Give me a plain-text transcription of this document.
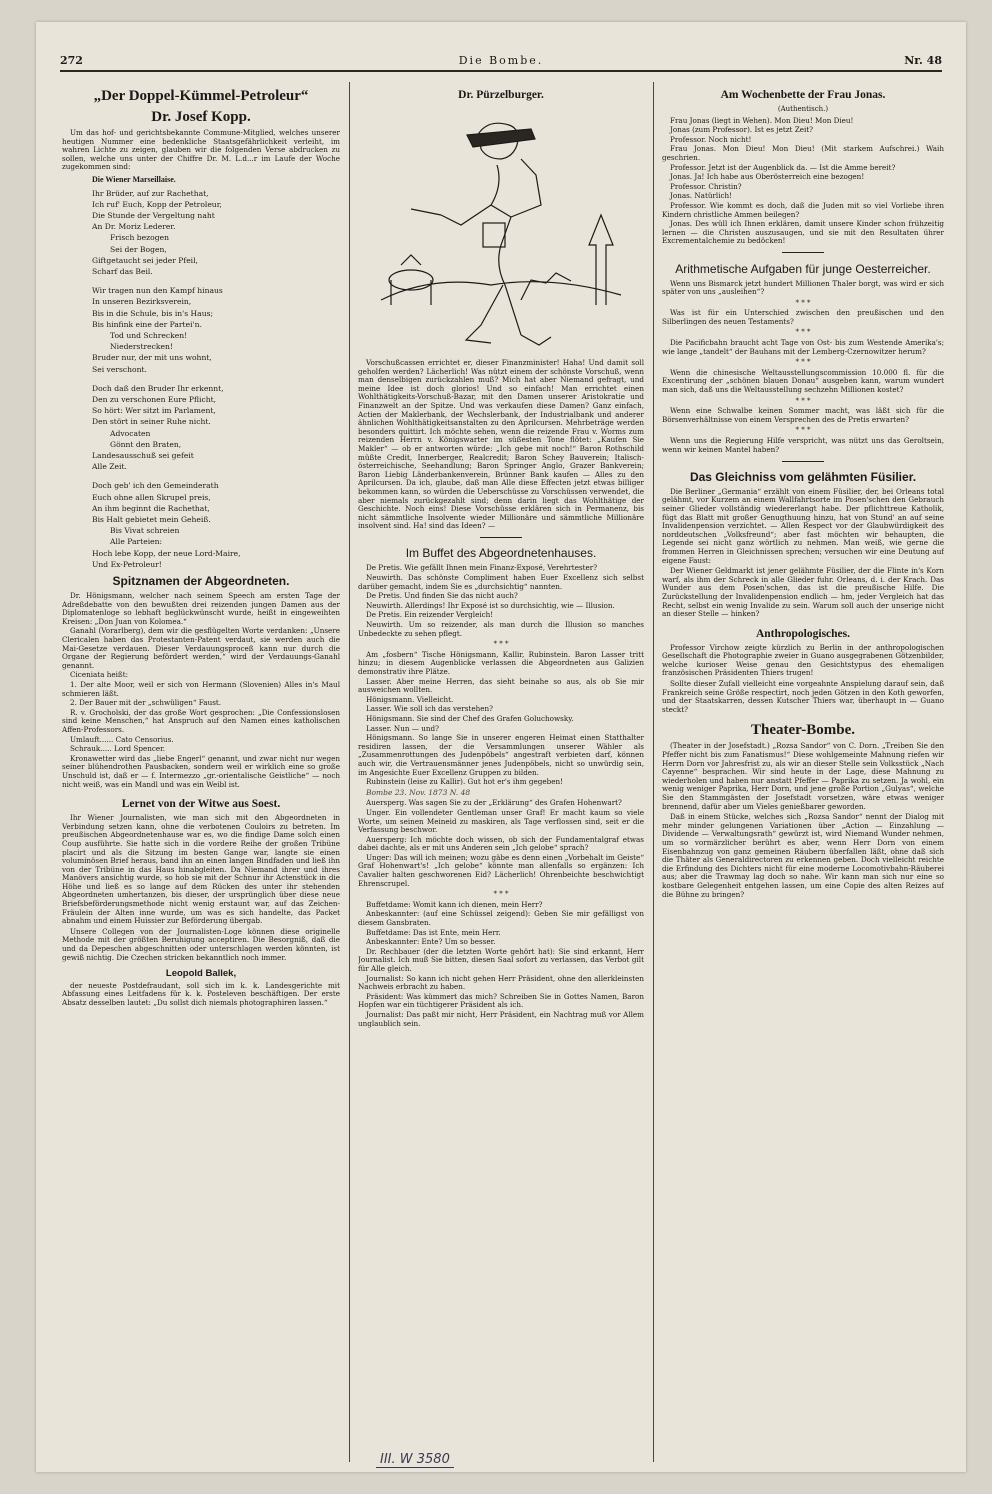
272	Die Bombe.	Nr. 48
„Der Doppel-Kümmel-Petroleur“
Dr. Josef Kopp.

Um das hof- und gerichtsbekannte Commune-Mitglied, welches unserer heutigen Nummer eine bedenkliche Staatsgefährlichkeit verleiht, im wahren Lichte zu zeigen, glauben wir die folgenden Verse abdrucken zu sollen, welche uns unter der Chiffre Dr. M. L.d...r im Laufe der Woche zugekommen sind:

Die Wiener Marseillaise.
Ihr Brüder, auf zur Rachethat,
Ich ruf' Euch, Kopp der Petroleur,
Die Stunde der Vergeltung naht
An Dr. Moriz Lederer.
Frisch bezogen
Sei der Bogen,
Giftgetaucht sei jeder Pfeil,
Scharf das Beil.
Wir tragen nun den Kampf hinaus
In unseren Bezirksverein,
Bis in die Schule, bis in's Haus;
Bis hinfink eine der Partei'n.
Tod und Schrecken!
Niederstrecken!
Bruder nur, der mit uns wohnt,
Sei verschont.
Doch daß den Bruder Ihr erkennt,
Den zu verschonen Eure Pflicht,
So hört: Wer sitzt im Parlament,
Den stört in seiner Ruhe nicht.
Advocaten
Gönnt den Braten,
Landesausschuß sei gefeit
Alle Zeit.
Doch geb' ich den Gemeinderath
Euch ohne allen Skrupel preis,
An ihm beginnt die Rachethat,
Bis Halt gebietet mein Geheiß.
Bis Vivat schreien
Alle Parteien:
Hoch lebe Kopp, der neue Lord-Maire,
Und Ex-Petroleur!
Spitznamen der Abgeordneten.
Dr. Hönigsmann, welcher nach seinem Speech am ersten Tage der Adreßdebatte von den bewußten drei reizenden jungen Damen aus der Diplomatenloge so lebhaft beglückwünscht wurde, heißt in eingeweihten Kreisen: „Don Juan von Kolomea.“
Ganahl (Vorarlberg), dem wir die gesflügelten Worte verdanken: „Unsere Clericalen haben das Protestanten-Patent verdaut, sie werden auch die Mai-Gesetze verdauen. Dieser Verdauungsproceß kann nur durch die Organe der Regierung befördert werden,“ wird der Verdauungs-Ganahl genannt.
Ciceniata heißt:
1. Der alte Moor, weil er sich von Hermann (Slovenien) Alles in's Maul schmieren läßt.
2. Der Bauer mit der „schwüligen“ Faust.
R. v. Grocholski, der das große Wort gesprochen: „Die Confessionslosen sind keine Menschen,“ hat Anspruch auf den Namen eines katholischen Affen-Professors.
Umlauft...... Cato Censorius.
Schrauk..... Lord Spencer.
Kronawetter wird das „liebe Engerl“ genannt, und zwar nicht nur wegen seiner blühendrothen Pausbacken, sondern weil er wirklich eine so große Unschuld ist, daß er — f. Intermezzo „gr.-orientalische Geistliche“ — noch nicht weiß, was ein Mandl und was ein Weibl ist.
Lernet von der Witwe aus Soest.

Ihr Wiener Journalisten, wie man sich mit den Abgeordneten in Verbindung setzen kann, ohne die verbotenen Couloirs zu betreten. Im preußischen Abgeordnetenhause war es, wo die findige Dame solch einen Coup ausführte. Sie hatte sich in die vordere Reihe der großen Tribüne placirt und als die Sitzung im besten Gange war, langte sie einen voluminösen Brief heraus, band ihn an einen langen Bindfaden und ließ ihn von der Tribüne in das Haus hinabgleiten. Da Niemand ihrer und ihres Manövers ansichtig wurde, so hob sie mit der Schnur ihr Actenstück in die Höhe und ließ es so lange auf dem Rücken des unter ihr stehenden Abgeordneten umhertanzen, bis dieser, der ursprünglich über diese neue Briefsbeförderungsmethode nicht wenig erstaunt war, auf das Zeichen-Fräulein der Alten inne wurde, um was es sich handelte, das Packet abnahm und einem Huissier zur Beförderung übergab.

Unsere Collegen von der Journalisten-Loge können diese originelle Methode mit der größten Beruhigung acceptiren. Die Besorgniß, daß die und da Depeschen abgeschnitten oder unterschlagen werden könnten, ist gewiß nichtig. Die Czechen stricken bekanntlich noch immer.

Leopold Ballek,

der neueste Postdefraudant, soll sich im k. k. Landesgerichte mit Abfassung eines Leitfadens für k. k. Posteleven beschäftigen. Der erste Absatz desselben lautet: „Du sollst dich niemals photographiren lassen.“

Dr. Pürzelburger.

Vorschußcassen errichtet er, dieser Finanzminister! Haha! Und damit soll geholfen werden? Lächerlich! Was nützt einem der schönste Vorschuß, wenn man denselbigen zurückzahlen muß? Mich hat aber Niemand gefragt, und meine Idee ist doch glorios! Und so einfach! Man errichtet einen Wohlthätigkeits-Vorschuß-Bazar, mit den Damen unserer Aristokratie und Finanzwelt an der Spitze. Und was verkaufen diese Damen? Ganz einfach, Actien der Maklerbank, der Wechslerbank, der Industrialbank und anderer ähnlichen Wohlthätigkeitsanstalten zu den Aprilcursen. Mehrbeträge werden besonders quittirt. Ich möchte sehen, wenn die reizende Frau v. Worms zum reizenden Herrn v. Königswarter im süßesten Tone flötet: „Kaufen Sie Makler“ — ob er antworten würde: „Ich gebe mit noch!“ Baron Rothschild müßte Credit, Innerberger, Realcredit; Baron Schey Bauverein; Italisch-österreichische, Seehandlung; Baron Springer Anglo, Grazer Bankverein; Baron Liebig Länderbankenverein, Brünner Bank kaufen — Alles zu den Aprilcursen. Da ich, glaube, daß man Alle diese Effecten jetzt etwas billiger bekommen kann, so würden die Ueberschüsse zu Vorschüssen verwendet, die aber niemals zurückgezahlt sind; denn darin liegt das Wohlthätige der Geschichte. Noch eins! Diese Vorschüsse erklären sich in Permanenz, bis nicht sämmtliche Insolvente wieder Millionäre und sämmtliche Millionäre insolvent sind. Ha! sind das Ideen? —

Im Buffet des Abgeordnetenhauses.
De Pretis. Wie gefällt Ihnen mein Finanz-Exposé, Verehrtester?
Neuwirth. Das schönste Compliment haben Euer Excellenz sich selbst darüber gemacht, indem Sie es „durchsichtig“ nannten.
De Pretis. Und finden Sie das nicht auch?
Neuwirth. Allerdings! Ihr Exposé ist so durchsichtig, wie — Illusion.
De Pretis. Ein reizender Vergleich!
Neuwirth. Um so reizender, als man durch die Illusion so manches Unbedeckte zu sehen pflegt.
* * *
Am „fosbern“ Tische Hönigsmann, Kallir, Rubinstein. Baron Lasser tritt hinzu; in diesem Augenblicke verlassen die Abgeordneten aus Galizien demonstrativ ihre Plätze.
Lasser. Aber meine Herren, das sieht beinahe so aus, als ob Sie mir ausweichen wollten.
Hönigsmann. Vielleicht.
Lasser. Wie soll ich das verstehen?
Hönigsmann. Sie sind der Chef des Grafen Goluchowsky.
Lasser. Nun — und?
Hönigsmann. So lange Sie in unserer engeren Heimat einen Statthalter residiren lassen, der die Versammlungen unserer Wähler als „Zusammenrottungen des Judenpöbels“ angestraft verbieten darf, können auch wir, die Vertrauensmänner jenes Judenpöbels, nicht so unwürdig sein, im Angesichte Euer Excellenz Gruppen zu bilden.
Rubinstein (leise zu Kallir). Gut hot er's ihm gegeben!
Bombe 23. Nov. 1873 N. 48
Auersperg. Was sagen Sie zu der „Erklärung“ des Grafen Hohenwart?
Unger. Ein vollendeter Gentleman unser Graf! Er macht kaum so viele Worte, um seinen Meineid zu maskiren, als Tage verflossen sind, seit er die Verfassung beschwor.
Auersperg: Ich möchte doch wissen, ob sich der Fundamentalgraf etwas dabei dachte, als er mit uns Anderen sein „Ich gelobe“ sprach?
Unger: Das will ich meinen; wozu gäbe es denn einen „Vorbehalt im Geiste“ Graf Hohenwart's! „Ich gelobe“ könnte man allenfalls so ergänzen: Ich Cavalier halten geschworenen Eid? Lächerlich! Ohrenbeichte beschwichtigt Ehrenscrupel.
* * *
Buffetdame: Womit kann ich dienen, mein Herr?
Anbeskannter: (auf eine Schüssel zeigend): Geben Sie mir gefälligst von diesem Gansbraten.
Buffetdame: Das ist Ente, mein Herr.
Anbeskannter: Ente? Um so besser.
Dr. Rechbauer (der die letzten Worte gehört hat): Sie sind erkannt, Herr Journalist. Ich muß Sie bitten, diesen Saal sofort zu verlassen, das Verbot gilt für Alle gleich.
Journalist: So kann ich nicht gehen Herr Präsident, ohne den allerkleinsten Nachweis erbracht zu haben.
Präsident: Was kümmert das mich? Schreiben Sie in Gottes Namen, Baron Hopfen war ein tüchtigerer Präsident als ich.
Journalist: Das paßt mir nicht, Herr Präsident, ein Nachtrag muß vor Allem unglaublich sein.
Am Wochenbette der Frau Jonas.
(Authentisch.)
Frau Jonas (liegt in Wehen). Mon Dieu! Mon Dieu!
Jonas (zum Professor). Ist es jetzt Zeit?
Professor. Noch nicht!
Frau Jonas. Mon Dieu! Mon Dieu! (Mit starkem Aufschrei.) Waih geschrien.
Professor. Jetzt ist der Augenblick da. — Ist die Amme bereit?
Jonas. Ja! Ich habe aus Oberösterreich eine bezogen!
Professor. Christin?
Jonas. Natürlich!
Professor. Wie kommt es doch, daß die Juden mit so viel Vorliebe ihren Kindern christliche Ammen beilegen?
Jonas. Des wüll ich Ihnen erklären, damit unsere Kinder schon frühzeitig lernen — die Christen auszusaugen, und sie mit den Resultaten ührer Excrementalchemie zu bedöcken!
Arithmetische Aufgaben für junge Oesterreicher.

Wenn uns Bismarck jetzt hundert Millionen Thaler borgt, was wird er sich später von uns „ausleihen“?

* * *

Was ist für ein Unterschied zwischen den preußischen und den Silberlingen des neuen Testaments?

* * *

Die Pacificbahn braucht acht Tage von Ost- bis zum Westende Amerika's; wie lange „tandelt“ der Bauhans mit der Lemberg-Czernowitzer herum?

* * *

Wenn die chinesische Weltausstellungscommission 10.000 fl. für die Excentirung der „schönen blauen Donau“ ausgeben kann, warum wundert man sich, daß uns die Weltausstellung sechzehn Millionen kostet?

* * *

Wenn eine Schwalbe keinen Sommer macht, was läßt sich für die Börsenverhältnisse von einem Versprechen des de Pretis erwarten?

* * *

Wenn uns die Regierung Hilfe verspricht, was nützt uns das Geroltsein, wenn wir keinen Mantel haben?

Das Gleichniss vom gelähmten Füsilier.

Die Berliner „Germania“ erzählt von einem Füsilier, der, bei Orleans total gelähmt, vor Kurzem an einem Wallfahrtsorte im Posen'schen den Gebrauch seiner Glieder vollständig wiedererlangt habe. Der pflichttreue Katholik, fügt das Blatt mit großer Genugthuung hinzu, hat von Stund' an auf seine Invalidenpension verzichtet. — Allen Respect vor der Glaubwürdigkeit des norddeutschen „Volksfreund“; aber fast möchten wir behaupten, die Legende sei nicht ganz wörtlich zu nehmen. Man weiß, wie gerne die frommen Herren in Gleichnissen sprechen; versuchen wir eine Deutung auf eigene Faust:

Der Wiener Geldmarkt ist jener gelähmte Füsilier, der die Flinte in's Korn warf, als ihm der Schreck in alle Glieder fuhr. Orleans, d. i. der Krach. Das Wunder aus dem Posen'schen, das ist die preußische Hilfe. Die Zurückstellung der Invalidenpension endlich — hm, jeder Vergleich hat das Recht, selbst ein wenig Invalide zu sein. Warum soll auch der unserige nicht an dieser Stelle — hinken?

Anthropologisches.

Professor Virchow zeigte kürzlich zu Berlin in der anthropologischen Gesellschaft die Photographie zweier in Guano ausgegrabenen Götzenbilder, welche kurioser Weise genau den Gesichtstypus des ehemaligen französischen Präsidenten Thiers trugen!

Sollte dieser Zufall vielleicht eine vorgeahnte Anspielung darauf sein, daß Frankreich seine Größe respectirt, noch jeden Götzen in den Koth geworfen, und der Staatskarren, dessen Kutscher Thiers war, überhaupt in — Guano steckt?

Theater-Bombe.

(Theater in der Josefstadt.) „Rozsa Sandor“ von C. Dorn. „Treiben Sie den Pfeffer nicht bis zum Fanatismus!“ Diese wohlgemeinte Mahnung riefen wir Herrn Dorn vor Jahresfrist zu, als wir an dieser Stelle sein Volksstück „Nach Cayenne“ besprachen. Wir sind heute in der Lage, diese Mahnung zu wiederholen und haben nur anstatt Pfeffer — Paprika zu setzen. Ja wohl, ein wenig weniger Paprika, Herr Dorn, und jene große Portion „Gulyas“, welche Sie den Stammgästen der Josefstadt vorsetzen, wäre etwas weniger brennend, dafür aber um Vieles genießbarer geworden.

Daß in einem Stücke, welches sich „Rozsa Sandor“ nennt der Dialog mit mehr minder gelungenen Variationen über „Action — Einzahlung — Dividende — Verwaltungsrath“ gewürzt ist, wird Niemand Wunder nehmen, um so vormärzlicher berührt es aber, wenn Herr Dorn von einem Eisenbahnzug von ganz gemeinen Räubern überfallen läßt, ohne daß sich die Thäter als Generaldirectoren zu erkennen geben. Doch vielleicht reichte die Erfindung des Dichters nicht für eine moderne Locomotivbahn-Räuberei aus; aber die Trawmay lag doch so nahe. Wir kann man sich nur eine so kostbare Gelegenheit entgehen lassen, um eine Copie des alten Reizes auf die Bühne zu bringen?

III. W 3580
